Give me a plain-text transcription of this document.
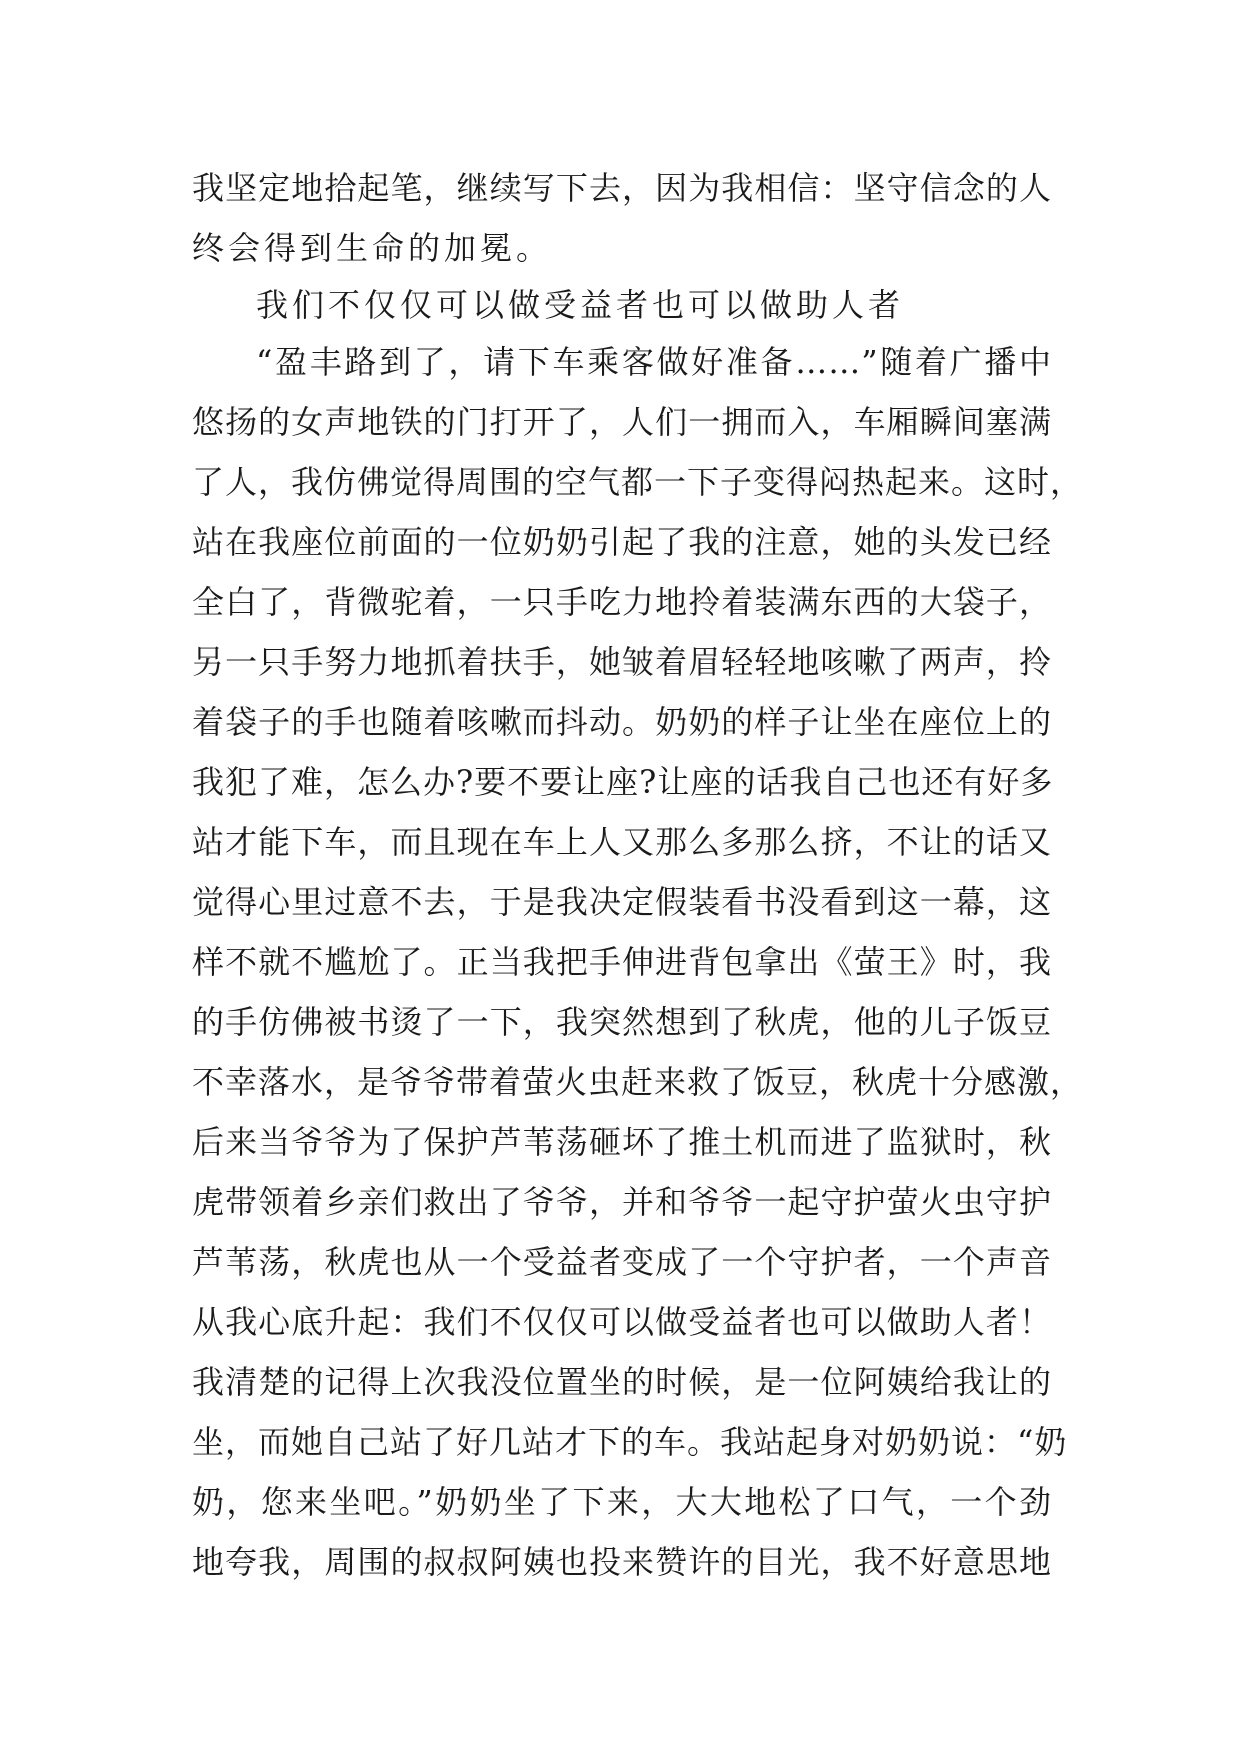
我坚定地拾起笔，继续写下去，因为我相信：坚守信念的人
终会得到生命的加冕。
我们不仅仅可以做受益者也可以做助人者
“盈丰路到了，请下车乘客做好准备……”随着广播中
悠扬的女声地铁的门打开了，人们一拥而入，车厢瞬间塞满
了人，我仿佛觉得周围的空气都一下子变得闷热起来。这时，
站在我座位前面的一位奶奶引起了我的注意，她的头发已经
全白了，背微驼着，一只手吃力地拎着装满东西的大袋子，
另一只手努力地抓着扶手，她皱着眉轻轻地咳嗽了两声，拎
着袋子的手也随着咳嗽而抖动。奶奶的样子让坐在座位上的
我犯了难，怎么办?要不要让座?让座的话我自己也还有好多
站才能下车，而且现在车上人又那么多那么挤，不让的话又
觉得心里过意不去，于是我决定假装看书没看到这一幕，这
样不就不尴尬了。正当我把手伸进背包拿出《萤王》时，我
的手仿佛被书烫了一下，我突然想到了秋虎，他的儿子饭豆
不幸落水，是爷爷带着萤火虫赶来救了饭豆，秋虎十分感激，
后来当爷爷为了保护芦苇荡砸坏了推土机而进了监狱时，秋
虎带领着乡亲们救出了爷爷，并和爷爷一起守护萤火虫守护
芦苇荡，秋虎也从一个受益者变成了一个守护者，一个声音
从我心底升起：我们不仅仅可以做受益者也可以做助人者！
我清楚的记得上次我没位置坐的时候，是一位阿姨给我让的
坐，而她自己站了好几站才下的车。我站起身对奶奶说：“奶
奶，您来坐吧。”奶奶坐了下来，大大地松了口气，一个劲
地夸我，周围的叔叔阿姨也投来赞许的目光，我不好意思地
